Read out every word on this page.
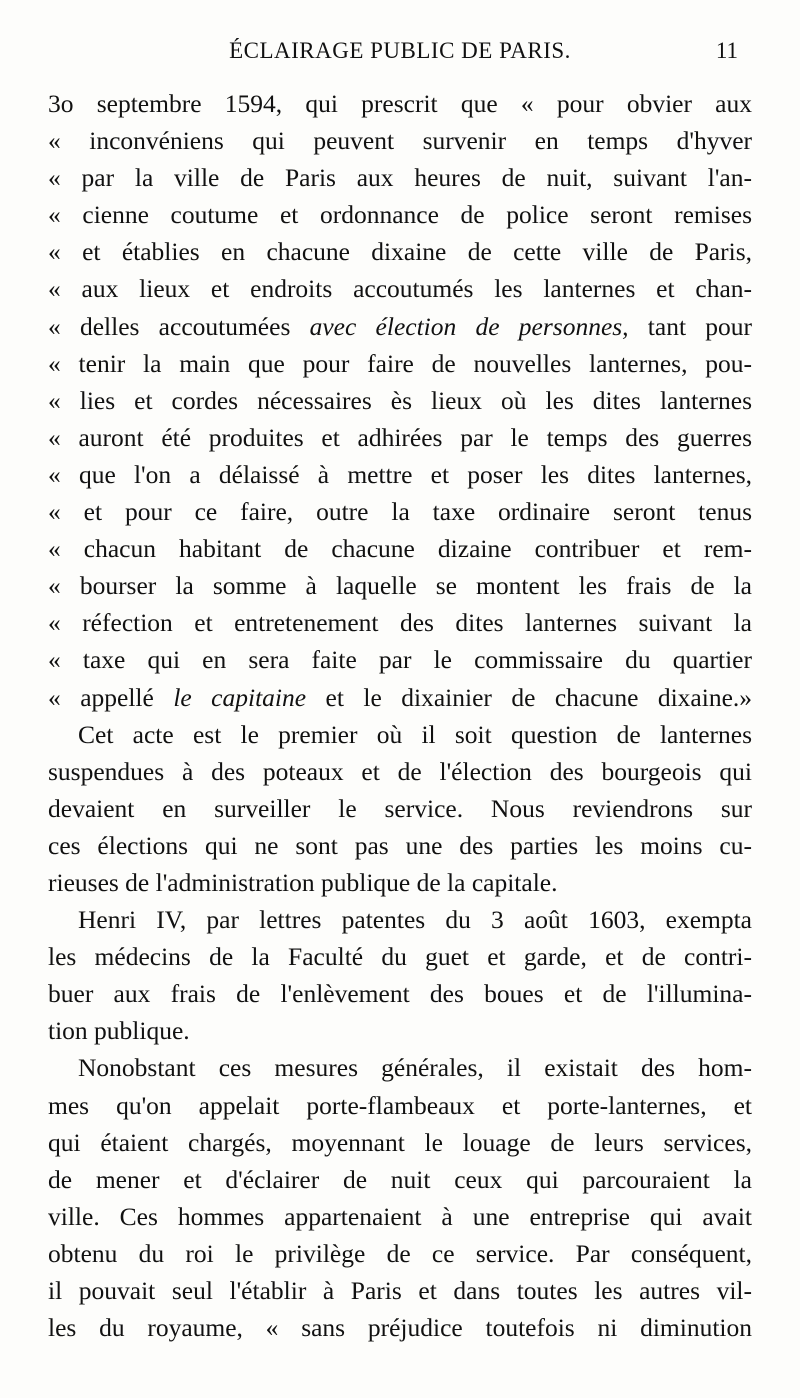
ÉCLAIRAGE PUBLIC DE PARIS.	11
3o septembre 1594, qui prescrit que « pour obvier aux
« inconvéniens qui peuvent survenir en temps d'hyver
« par la ville de Paris aux heures de nuit, suivant l'an-
« cienne coutume et ordonnance de police seront remises
« et établies en chacune dixaine de cette ville de Paris,
« aux lieux et endroits accoutumés les lanternes et chan-
« delles accoutumées avec élection de personnes, tant pour
« tenir la main que pour faire de nouvelles lanternes, pou-
« lies et cordes nécessaires ès lieux où les dites lanternes
« auront été produites et adhirées par le temps des guerres
« que l'on a délaissé à mettre et poser les dites lanternes,
« et pour ce faire, outre la taxe ordinaire seront tenus
« chacun habitant de chacune dizaine contribuer et rem-
« bourser la somme à laquelle se montent les frais de la
« réfection et entretenement des dites lanternes suivant la
« taxe qui en sera faite par le commissaire du quartier
« appellé le capitaine et le dixainier de chacune dixaine.»
Cet acte est le premier où il soit question de lanternes
suspendues à des poteaux et de l'élection des bourgeois qui
devaient en surveiller le service. Nous reviendrons sur
ces élections qui ne sont pas une des parties les moins cu-
rieuses de l'administration publique de la capitale.
Henri IV, par lettres patentes du 3 août 1603, exempta
les médecins de la Faculté du guet et garde, et de contri-
buer aux frais de l'enlèvement des boues et de l'illumina-
tion publique.
Nonobstant ces mesures générales, il existait des hom-
mes qu'on appelait porte-flambeaux et porte-lanternes, et
qui étaient chargés, moyennant le louage de leurs services,
de mener et d'éclairer de nuit ceux qui parcouraient la
ville. Ces hommes appartenaient à une entreprise qui avait
obtenu du roi le privilège de ce service. Par conséquent,
il pouvait seul l'établir à Paris et dans toutes les autres vil-
les du royaume, « sans préjudice toutefois ni diminution
